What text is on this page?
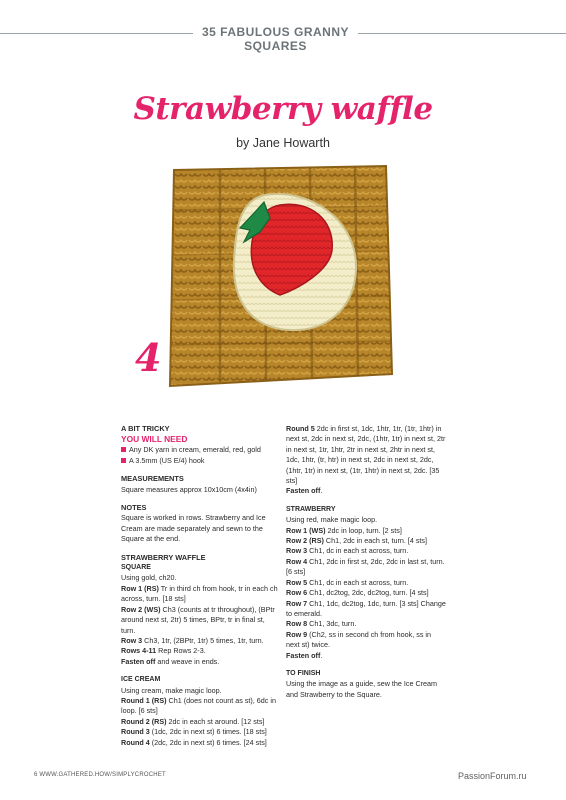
35 FABULOUS GRANNY SQUARES
Strawberry waffle
by Jane Howarth
4

A BIT TRICKY

YOU WILL NEED

Any DK yarn in cream, emerald, red, gold

A 3.5mm (US E/4) hook

MEASUREMENTS

Square measures approx 10x10cm (4x4in)

NOTES

Square is worked in rows. Strawberry and Ice Cream are made separately and sewn to the Square at the end.

STRAWBERRY WAFFLE

SQUARE

Using gold, ch20.

Row 1 (RS) Tr in third ch from hook, tr in each ch across, turn. [18 sts]

Row 2 (WS) Ch3 (counts at tr throughout), (BPtr around next st, 2tr) 5 times, BPtr, tr in final st, turn.

Row 3 Ch3, 1tr, (2BPtr, 1tr) 5 times, 1tr, turn.

Rows 4-11 Rep Rows 2-3.

Fasten off and weave in ends.

ICE CREAM

Using cream, make magic loop.

Round 1 (RS) Ch1 (does not count as st), 6dc in loop. [6 sts]

Round 2 (RS) 2dc in each st around. [12 sts]

Round 3 (1dc, 2dc in next st) 6 times. [18 sts]

Round 4 (2dc, 2dc in next st) 6 times. [24 sts]

Round 5 2dc in first st, 1dc, 1htr, 1tr, (1tr, 1htr) in next st, 2dc in next st, 2dc, (1htr, 1tr) in next st, 2tr in next st, 1tr, 1htr, 2tr in next st, 2htr in next st, 1dc, 1htr, (tr, htr) in next st, 2dc in next st, 2dc, (1htr, 1tr) in next st, (1tr, 1htr) in next st, 2dc. [35 sts]

Fasten off.

STRAWBERRY

Using red, make magic loop.

Row 1 (WS) 2dc in loop, turn. [2 sts]

Row 2 (RS) Ch1, 2dc in each st, turn. [4 sts]

Row 3 Ch1, dc in each st across, turn.

Row 4 Ch1, 2dc in first st, 2dc, 2dc in last st, turn. [6 sts]

Row 5 Ch1, dc in each st across, turn.

Row 6 Ch1, dc2tog, 2dc, dc2tog, turn. [4 sts]

Row 7 Ch1, 1dc, dc2tog, 1dc, turn. [3 sts] Change to emerald.

Row 8 Ch1, 3dc, turn.

Row 9 (Ch2, ss in second ch from hook, ss in next st) twice.

Fasten off.

TO FINISH

Using the image as a guide, sew the Ice Cream and Strawberry to the Square.

6 WWW.GATHERED.HOW/SIMPLYCROCHET	PassionForum.ru
